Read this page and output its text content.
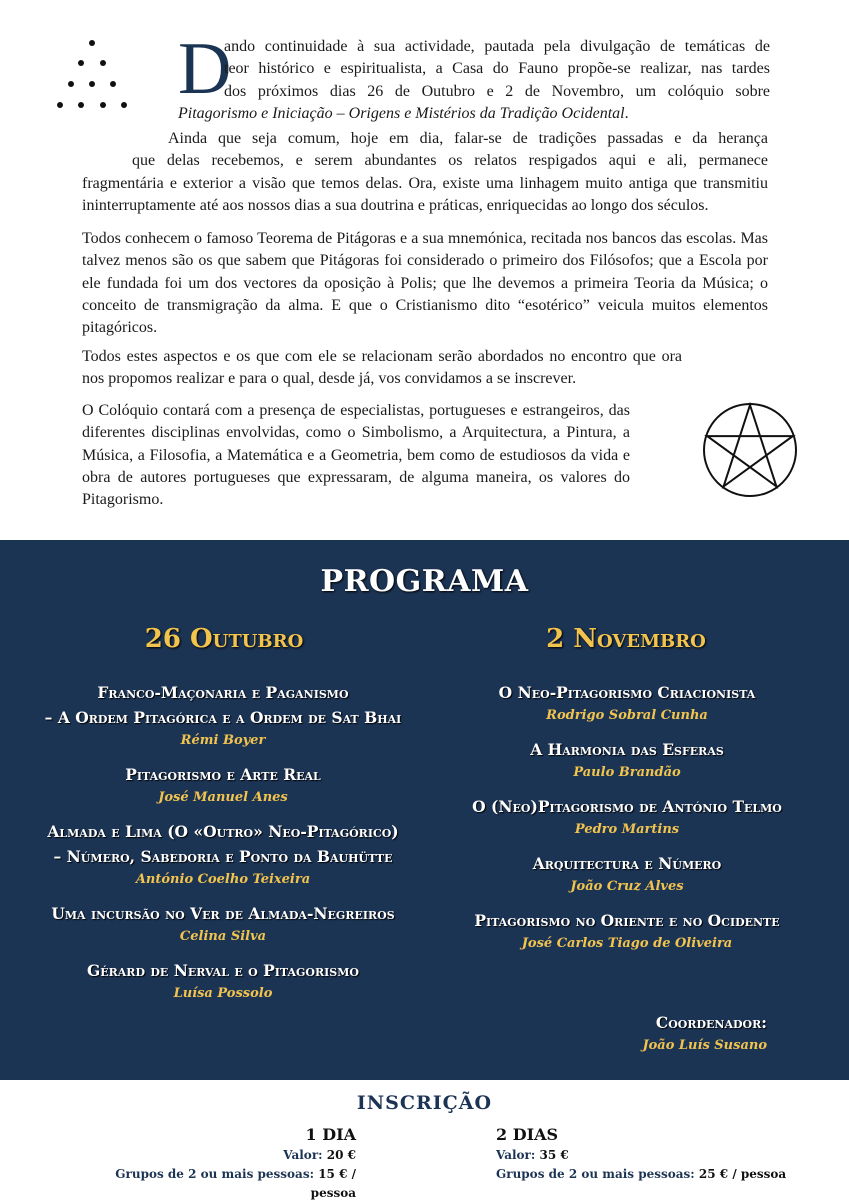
D
ando continuidade à sua actividade, pautada pela divulgação de temáticas de
teor histórico e espiritualista, a Casa do Fauno propõe-se realizar, nas tardes
dos próximos dias 26 de Outubro e 2 de Novembro, um colóquio sobre
Pitagorismo e Iniciação – Origens e Mistérios da Tradição Ocidental.
Ainda que seja comum, hoje em dia, falar-se de tradições passadas e da herança
que delas recebemos, e serem abundantes os relatos respigados aqui e ali, permanece
fragmentária e exterior a visão que temos delas. Ora, existe uma linhagem muito antiga que transmitiu ininterruptamente até aos nossos dias a sua doutrina e práticas, enriquecidas ao longo dos séculos.

Todos conhecem o famoso Teorema de Pitágoras e a sua mnemónica, recitada nos bancos das escolas. Mas talvez menos são os que sabem que Pitágoras foi considerado o primeiro dos Filósofos; que a Escola por ele fundada foi um dos vectores da oposição à Polis; que lhe devemos a primeira Teoria da Música; o conceito de transmigração da alma. E que o Cristianismo dito “esotérico” veicula muitos elementos pitagóricos.

Todos estes aspectos e os que com ele se relacionam serão abordados no encontro que ora nos propomos realizar e para o qual, desde já, vos convidamos a se inscrever.

O Colóquio contará com a presença de especialistas, portugueses e estrangeiros, das diferentes disciplinas envolvidas, como o Simbolismo, a Arquitectura, a Pintura, a Música, a Filosofia, a Matemática e a Geometria, bem como de estudiosos da vida e obra de autores portugueses que expressaram, de alguma maneira, os valores do Pitagorismo.

PROGRAMA
26 Outubro	2 Novembro
Franco-Maçonaria e Paganismo
– A Ordem Pitagórica e a Ordem de Sat Bhai
Rémi Boyer
Pitagorismo e Arte Real
José Manuel Anes
Almada e Lima (O «Outro» Neo-Pitagórico)
– Número, Sabedoria e Ponto da Bauhütte
António Coelho Teixeira
Uma incursão no Ver de Almada-Negreiros
Celina Silva
Gérard de Nerval e o Pitagorismo
Luísa Possolo
O Neo-Pitagorismo Criacionista
Rodrigo Sobral Cunha
A Harmonia das Esferas
Paulo Brandão
O (Neo)Pitagorismo de António Telmo
Pedro Martins
Arquitectura e Número
João Cruz Alves
Pitagorismo no Oriente e no Ocidente
José Carlos Tiago de Oliveira
Coordenador:
João Luís Susano
INSCRIÇÃO
1 DIA
Valor: 20 €
Grupos de 2 ou mais pessoas: 15 € / pessoa
2 DIAS
Valor: 35 €
Grupos de 2 ou mais pessoas: 25 € / pessoa
